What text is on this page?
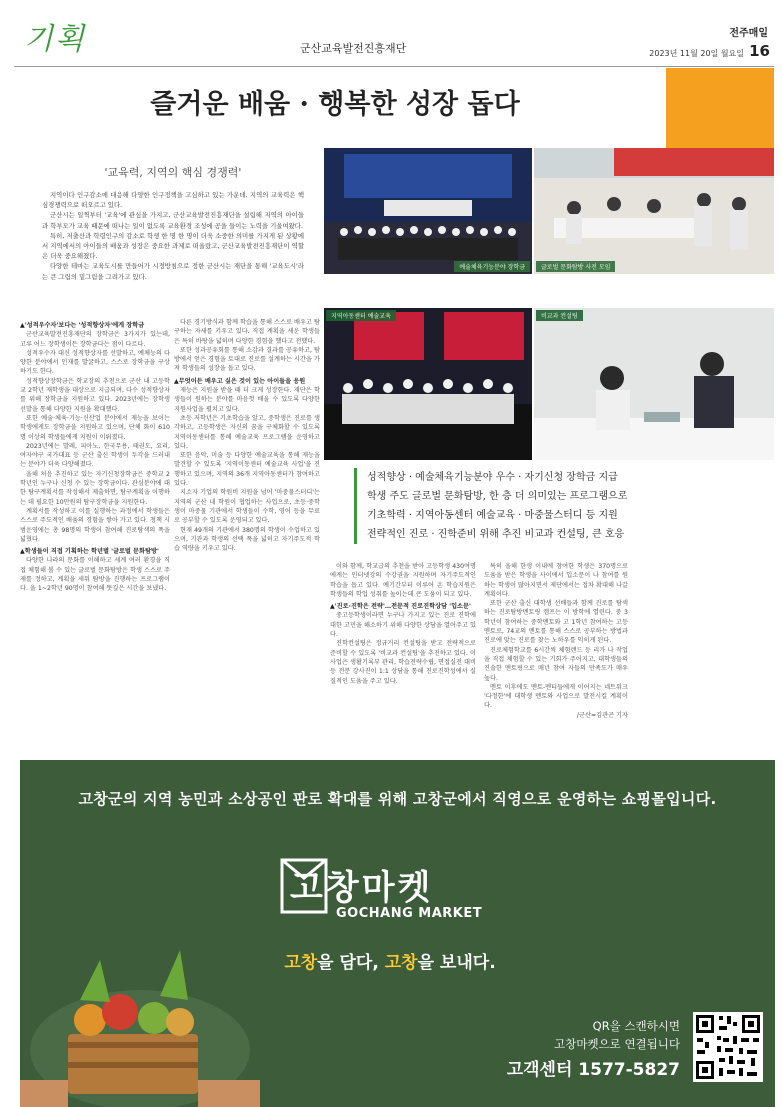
기획	군산교육발전진흥재단
전주매일
2023년 11월 20일 월요일 16
즐거운 배움 · 행복한 성장 돕다
'교육력, 지역의 핵심 경쟁력'

지역이다 인구감소에 대응해 다양한 인구정책을 고심하고 있는 가운데, 지역의 교육력은 핵심경쟁력으로 떠오르고 있다.

군산시는 일찍부터 '교육'에 관심을 가지고, 군산교육발전진흥재단을 설립해 지역의 아이들과 학부모가 교육 때문에 떠나는 일이 없도록 교육환경 조성에 공을 들이는 노력을 기울여왔다.

특히, 저출산과 학령인구의 감소로 학생 한 명 한 명이 더욱 소중한 의미를 가지게 된 상황에서 지역에서의 아이들의 배움과 성장은 중요한 과제로 떠올랐고, 군산교육발전진흥재단이 역할은 더욱 중요해졌다.

다양한 테마는 교육도시를 만들어가 시정방침으로 정한 군산시는 재단을 통해 '교육도시'라는 큰 그림의 밑그림을 그려가고 있다.

예술체육기능분야 장학금	글로벌 문화탐방 사전 모임
지역아동센터 예술교육	비교과 컨설팅

▲'성적우수자'보다는 '성적향상자'에게 장학금

군산교육발전진흥재단의 장학금은 3가지가 있는데, 고루 어느 장학생이든 장학금다는 점이 다르다.

성적우수자 대신 성적향상자를 선발하고, 예체능의 다양한 분야에서 인재를 발굴하고, 스스로 장학금을 구상하기도 한다.

성적향상장학금은 학교장의 추천으로 군산 내 고등학교 2학년 재학생을 대상으로 지급되며, 다수 성적향상자를 위해 장학금을 지원하고 있다. 2023년에는 장학생 선발을 통해 다양한 지원을 확대했다.

또한 예술·체육·기능·신산업 분야에서 재능을 보이는 학생에게도 장학금을 지원하고 있으며, 단체 화이 610명 이상의 학생들에게 지원이 이뤄졌다.

2023년에는 발레, 피아노, 한국무용, 태권도, 요리, 여자야구 국가대표 등 군산 출신 학생이 두각을 드러내는 분야가 더욱 다양해졌다.

올해 처음 추진하고 있는 자기신청장학금은 중학교 2학년인 누구나 신청 수 있는 장학금이다. 관심분야에 대한 탐구계획서를 작성해서 제출하면, 탐구계획을 이행하는 데 필요한 10만원의 탐구장학금을 지원한다.

계획서를 작성하고 이를 실행하는 과정에서 학생들은 스스로 주도적인 배움의 경험을 쌓아 가고 있다. 청책 시범운영에는 총 98명의 학생이 참여해 진로탐색의 폭을 넓혔다.

▲학생들이 직접 기획하는 학년별 '글로벌 문화탐방'

다양한 나라의 문화를 이해하고 세계 여러 환경을 직접 체험해 볼 수 있는 글로벌 문화탐방은 학생 스스로 주제를 정하고, 계획을 세워 탐방을 진행하는 프로그램이다. 올 1~2학년 90명이 참여해 뜻깊은 시간을 보냈다.

다른 경기방식과 함께 학습을 통해 스스로 배우고 탐구하는 자세를 키우고 있다. 직접 계획을 세운 학생들은 특히 바탕을 넓히며 다양한 경험을 했다고 전했다.

또한 성과공유회를 통해 소감과 결과를 공유하고, 탐방에서 얻은 경험을 토대로 진로를 설계하는 시간을 가져 학생들의 성장을 돕고 있다.

▲무엇이든 배우고 싶은 것이 있는 아이들을 응원

재능은 지원을 받을 때 더 크게 성장한다. 재단은 학생들이 원하는 분야를 마음껏 배울 수 있도록 다양한 지원사업을 펼치고 있다.

초등 저학년은 기초학습을 알고, 중학생은 진로를 생각하고, 고등학생은 자신의 꿈을 구체화할 수 있도록 지역이동센터를 통해 예술교육 프로그램을 운영하고 있다.

또한 음악, 미술 등 다양한 예술교육을 통해 재능을 발견할 수 있도록 '지역이동센터 예술교육 사업'을 진행하고 있으며, 지역의 36개 지역아동센터가 참여하고 있다.

지소자 기업의 학원비 지원을 넘어 '마중물스터디'는 지역의 군산 내 학원이 협업하는 사업으로, 초등·중학생이 마중물 기관에서 학생들이 수학, 영어 등을 무료로 공부할 수 있도록 운영되고 있다.

현재 49개의 기관에서 380명의 학생이 수업하고 있으며, 기관과 학생의 선택 폭을 넓히고 자기주도적 학습 역량을 키우고 있다.

성적향상 · 예술체육기능분야 우수 · 자기신청 장학금 지급
학생 주도 글로벌 문화탐방, 한 층 더 의미있는 프로그램으로
기초학력 · 지역아동센터 예술교육 · 마중물스터디 등 지원
전략적인 진로 · 진학준비 위해 추진 비교과 컨설팅, 큰 호응

이와 함께, 학교급의 추천을 받아 고등학생 430여명에게는 인터넷강의 수강권을 지원하며 자기주도적인 학습을 돕고 있다. 예기간부터 이루어 온 학습지원은 학생들의 학업 성취를 높이는데 큰 도움이 되고 있다.

▲'진로·진학은 전략'…전문적 진로진학상담 '입소문'

중고등학생이라면 누구나 가지고 있는 진로 진학에 대한 고민을 해소하기 위해 다양한 상담을 열어주고 있다.

진학컨설팅은 정규거리 컨설팅을 받고 전략적으로 준비할 수 있도록 '비교과 컨설팅'을 추진하고 있다. 이 사업은 생활기록부 관리, 학습전략수립, 면접실전 대비 등 전문 강사진이 1:1 상담을 통해 진로진학성에서 실질적인 도움을 주고 있다.

특히 올해 한생 이내에 참여한 학생은 370명으로 도움을 받은 학생을 사이에서 입소문이 나 참여를 원하는 학생이 많아지면서 제단에서는 접차 확대해 나갈 계획이다.

또한 군산 출신 대학생 선배들과 함께 진로를 탐색하는 진로탐방멘토링 캠프는 이 방학에 열린다. 중 3학년이 참여하는 중학멘토와 고 1학년 참여하는 고등멘토로, 74교의 멘토를 통해 스스로 공부하는 방법과 진로에 맞는 진로를 찾는 노하우를 익히게 된다.

진로체험학교를 6시간씩 체험랜드 등 리가 나 작업을 직접 체험할 수 있는 기회가 주어지고, 대학생들의 진솔한 멘토링으로 매년 참여 자들의 만족도가 매우 높다.

멘토 이후에도 멘토-멘티들에게 이어지는 네트워크 '다정한'에 대학생 멘토와 사업으로 발전시킬 계획이다.

/군산=김관곤 기자

고창군의 지역 농민과 소상공인 판로 확대를 위해 고창군에서 직영으로 운영하는 쇼핑몰입니다.
고창마켓
GOCHANG MARKET
고창을 담다, 고창을 보내다.
QR을 스캔하시면
고창마켓으로 연결됩니다
고객센터 1577-5827
